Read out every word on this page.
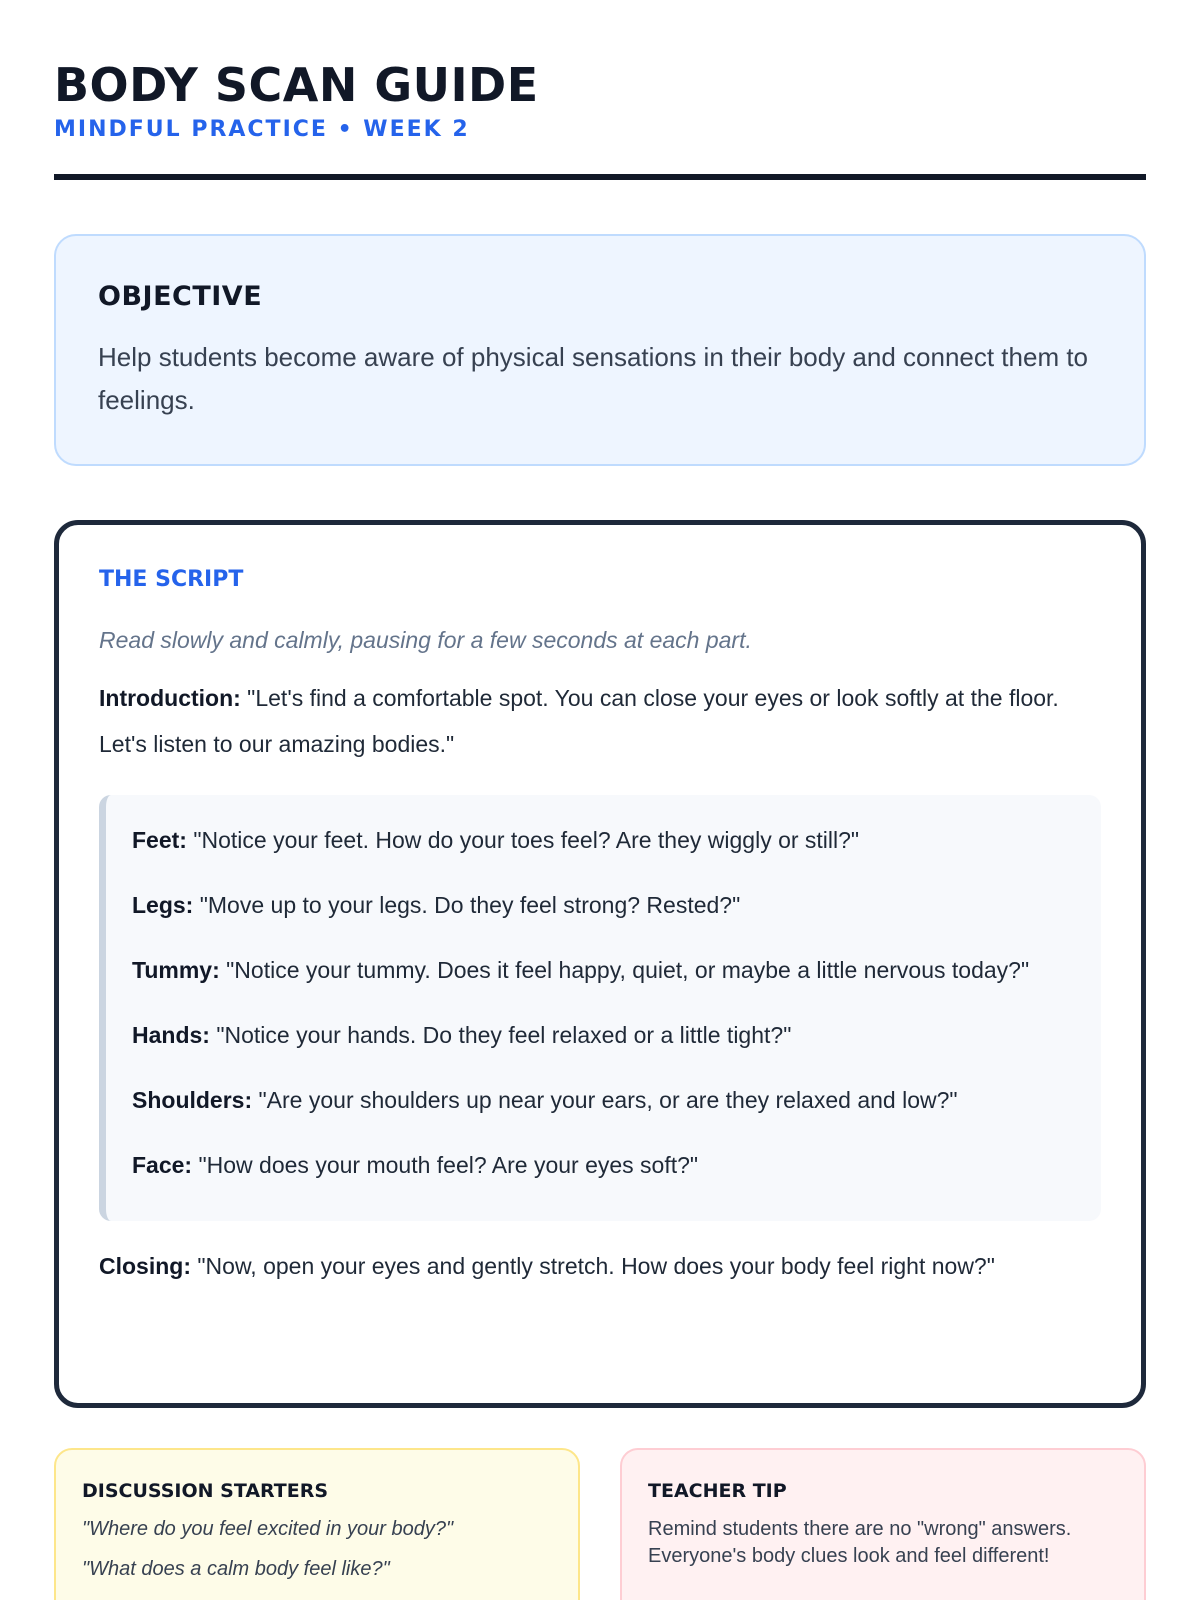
BODY SCAN GUIDE
MINDFUL PRACTICE • WEEK 2
OBJECTIVE

Help students become aware of physical sensations in their body and connect them to feelings.

THE SCRIPT

Read slowly and calmly, pausing for a few seconds at each part.

Introduction: "Let's find a comfortable spot. You can close your eyes or look softly at the floor. Let's listen to our amazing bodies."

Feet: "Notice your feet. How do your toes feel? Are they wiggly or still?"

Legs: "Move up to your legs. Do they feel strong? Rested?"

Tummy: "Notice your tummy. Does it feel happy, quiet, or maybe a little nervous today?"

Hands: "Notice your hands. Do they feel relaxed or a little tight?"

Shoulders: "Are your shoulders up near your ears, or are they relaxed and low?"

Face: "How does your mouth feel? Are your eyes soft?"

Closing: "Now, open your eyes and gently stretch. How does your body feel right now?"

DISCUSSION STARTERS

"Where do you feel excited in your body?"

"What does a calm body feel like?"

TEACHER TIP

Remind students there are no "wrong" answers. Everyone's body clues look and feel different!
